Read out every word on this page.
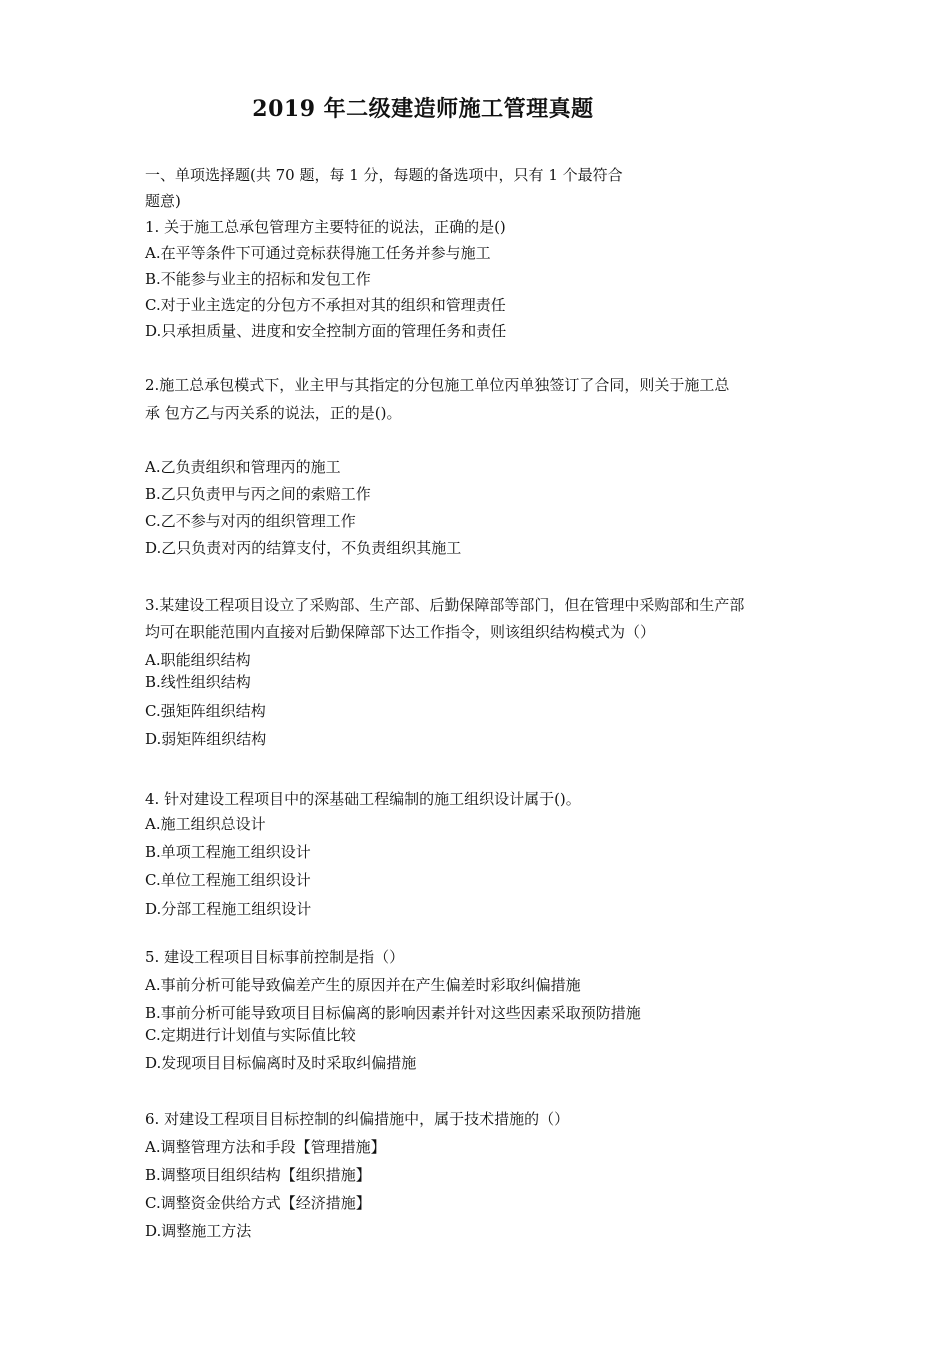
2019 年二级建造师施工管理真题
一、单项选择题(共 70 题，每 1 分，每题的备选项中，只有 1 个最符合
题意)
1. 关于施工总承包管理方主要特征的说法，正确的是()
A.在平等条件下可通过竞标获得施工任务并参与施工
B.不能参与业主的招标和发包工作
C.对于业主选定的分包方不承担对其的组织和管理责任
D.只承担质量、进度和安全控制方面的管理任务和责任
2.施工总承包模式下，业主甲与其指定的分包施工单位丙单独签订了合同，则关于施工总
承 包方乙与丙关系的说法，正的是()。
A.乙负责组织和管理丙的施工
B.乙只负责甲与丙之间的索赔工作
C.乙不参与对丙的组织管理工作
D.乙只负责对丙的结算支付，不负责组织其施工
3.某建设工程项目设立了采购部、生产部、后勤保障部等部门，但在管理中采购部和生产部
均可在职能范围内直接对后勤保障部下达工作指令，则该组织结构模式为（）
A.职能组织结构
B.线性组织结构
C.强矩阵组织结构
D.弱矩阵组织结构
4. 针对建设工程项目中的深基础工程编制的施工组织设计属于()。
A.施工组织总设计
B.单项工程施工组织设计
C.单位工程施工组织设计
D.分部工程施工组织设计
5. 建设工程项目目标事前控制是指（）
A.事前分析可能导致偏差产生的原因并在产生偏差时彩取纠偏措施
B.事前分析可能导致项目目标偏离的影响因素并针对这些因素采取预防措施
C.定期进行计划值与实际值比较
D.发现项目目标偏离时及时采取纠偏措施
6. 对建设工程项目目标控制的纠偏措施中，属于技术措施的（）
A.调整管理方法和手段【管理措施】
B.调整项目组织结构【组织措施】
C.调整资金供给方式【经济措施】
D.调整施工方法
